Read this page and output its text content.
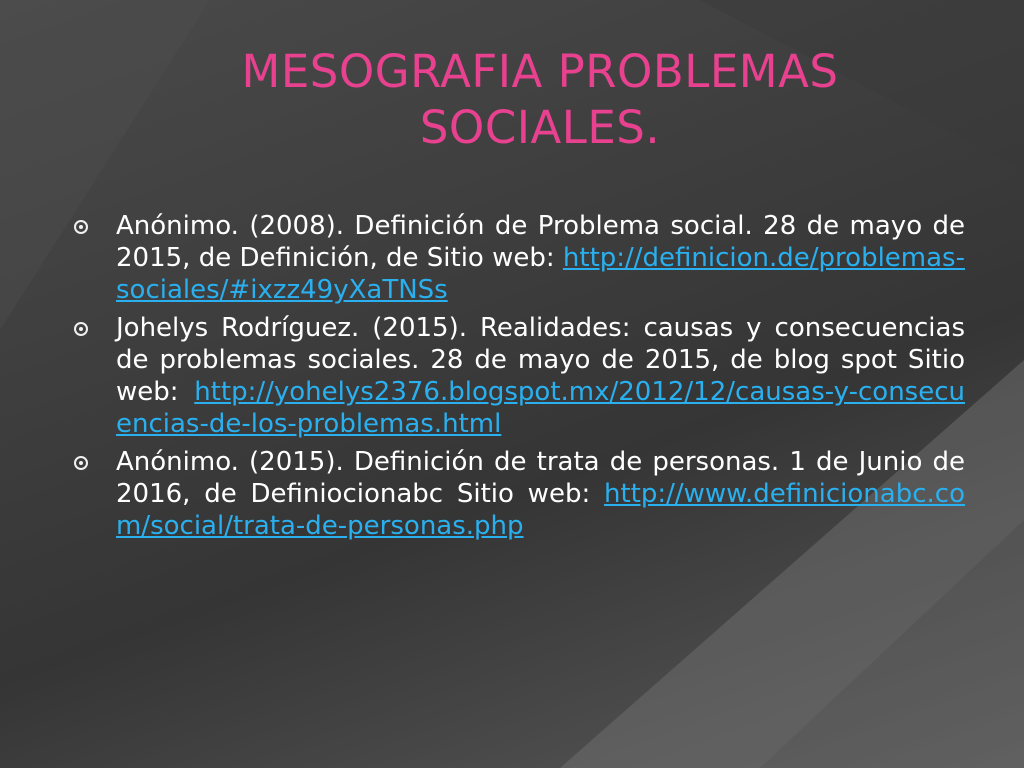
MESOGRAFIA PROBLEMAS
SOCIALES.
Anónimo. (2008). Definición de Problema social. 28 de mayo de 2015, de Definición, de Sitio web: http://definicion.de/problemas-sociales/#ixzz49yXaTNSs
Johelys Rodríguez. (2015). Realidades: causas y consecuencias de problemas sociales. 28 de mayo de 2015, de blog spot Sitio web: http://yohelys2376.blogspot.mx/2012/12/causas-y-consecuencias-de-los-problemas.html
Anónimo. (2015). Definición de trata de personas. 1 de Junio de 2016, de Definiocionabc Sitio web: http://www.definicionabc.com/social/trata-de-personas.php
